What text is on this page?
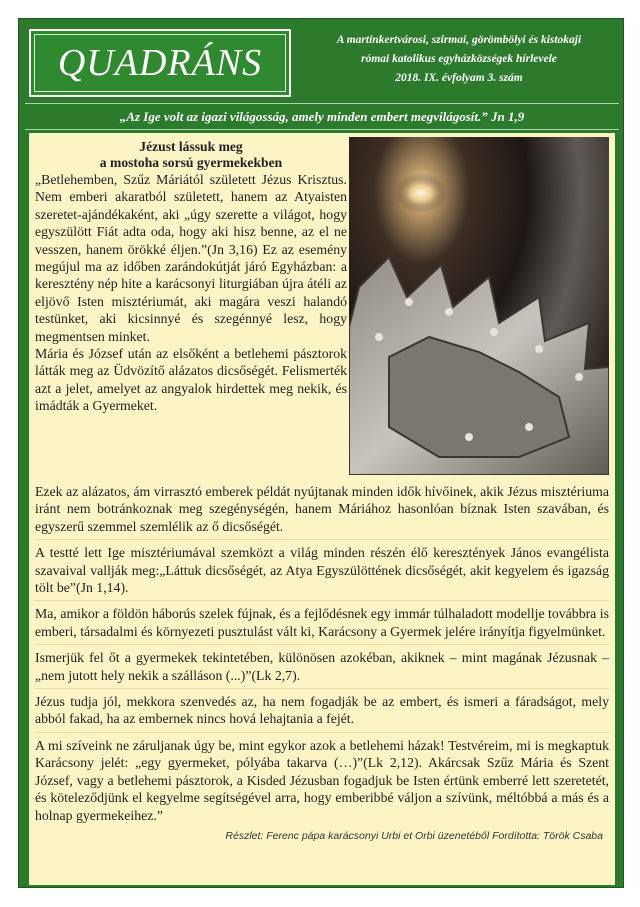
QUADRÁNS
A martinkertvárosi, szirmai, görömbölyi és kistokaji
római katolikus egyházközségek hírlevele
2018. IX. évfolyam 3. szám
„Az Ige volt az igazi világosság, amely minden embert megvilágosít.” Jn 1,9
Jézust lássuk meg
a mostoha sorsú gyermekekben

„Betlehemben, Szűz Máriától született Jézus Krisztus. Nem emberi akaratból született, hanem az Atyaisten szeretet-ajándékaként, aki „úgy szerette a világot, hogy egyszülött Fiát adta oda, hogy aki hisz benne, az el ne vesszen, hanem örökké éljen.”(Jn 3,16) Ez az esemény megújul ma az időben zarándokútját járó Egyházban: a keresztény nép hite a karácsonyi liturgiában újra átéli az eljövő Isten misztériumát, aki magára veszi halandó testünket, aki kicsinnyé és szegénnyé lesz, hogy megmentsen minket.

Mária és József után az elsőként a betlehemi pásztorok látták meg az Üdvözítő alázatos dicsőségét. Felismerték azt a jelet, amelyet az angyalok hirdettek meg nekik, és imádták a Gyermeket.

Ezek az alázatos, ám virrasztó emberek példát nyújtanak minden idők hívőinek, akik Jézus misztériuma iránt nem botránkoznak meg szegénységén, hanem Máriához hasonlóan bíznak Isten szavában, és egyszerű szemmel szemlélik az ő dicsőségét.

A testté lett Ige misztériumával szemközt a világ minden részén élő keresztények János evangélista szavaival vallják meg:„Láttuk dicsőségét, az Atya Egyszülöttének dicsőségét, akit kegyelem és igazság tölt be”(Jn 1,14).

Ma, amikor a földön háborús szelek fújnak, és a fejlődésnek egy immár túlhaladott modellje továbbra is emberi, társadalmi és környezeti pusztulást vált ki, Karácsony a Gyermek jelére irányítja figyelmünket.

Ismerjük fel őt a gyermekek tekintetében, különösen azokéban, akiknek – mint magának Jézusnak – „nem jutott hely nekik a szálláson (...)”(Lk 2,7).

Jézus tudja jól, mekkora szenvedés az, ha nem fogadják be az embert, és ismeri a fáradságot, mely abból fakad, ha az embernek nincs hová lehajtania a fejét.

A mi szíveink ne záruljanak úgy be, mint egykor azok a betlehemi házak! Testvéreim, mi is megkaptuk Karácsony jelét: „egy gyermeket, pólyába takarva (…)”(Lk 2,12). Akárcsak Szűz Mária és Szent József, vagy a betlehemi pásztorok, a Kisded Jézusban fogadjuk be Isten értünk emberré lett szeretetét, és köteleződjünk el kegyelme segítségével arra, hogy emberibbé váljon a szívünk, méltóbbá a más és a holnap gyermekeihez.”

Részlet: Ferenc pápa karácsonyi Urbi et Orbi üzenetéből Fordította: Török Csaba
